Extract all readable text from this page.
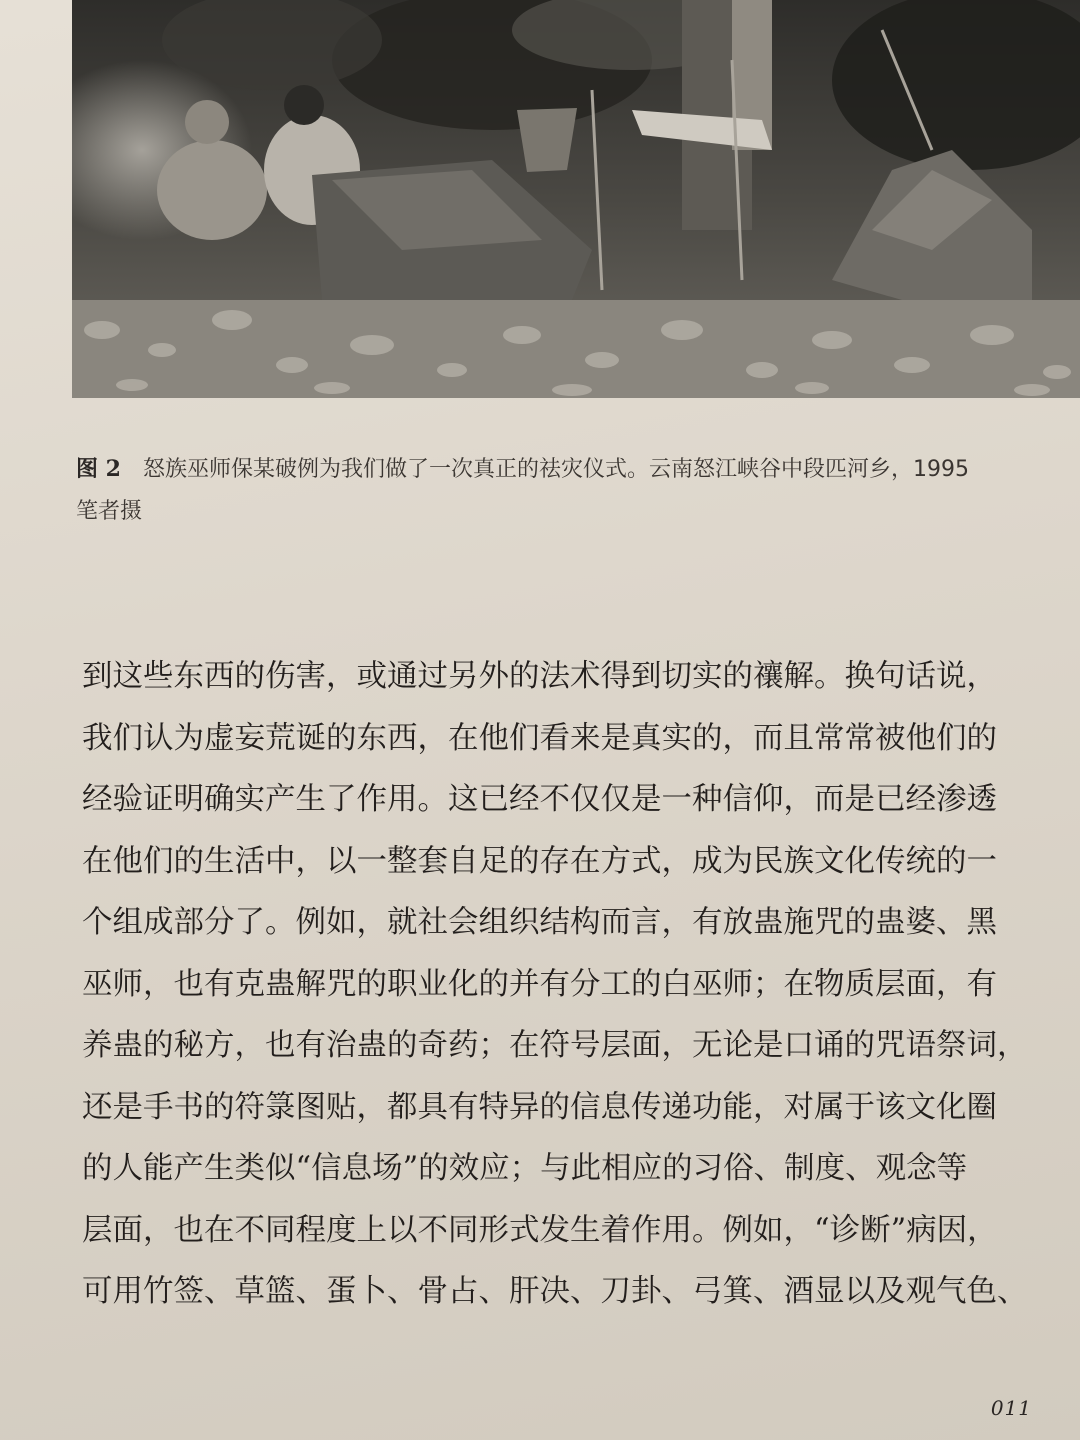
图 2 怒族巫师保某破例为我们做了一次真正的祛灾仪式。云南怒江峡谷中段匹河乡，1995
笔者摄
到这些东西的伤害，或通过另外的法术得到切实的禳解。换句话说，
我们认为虚妄荒诞的东西，在他们看来是真实的，而且常常被他们的
经验证明确实产生了作用。这已经不仅仅是一种信仰，而是已经渗透
在他们的生活中，以一整套自足的存在方式，成为民族文化传统的一
个组成部分了。例如，就社会组织结构而言，有放蛊施咒的蛊婆、黑
巫师，也有克蛊解咒的职业化的并有分工的白巫师；在物质层面，有
养蛊的秘方，也有治蛊的奇药；在符号层面，无论是口诵的咒语祭词，
还是手书的符箓图贴，都具有特异的信息传递功能，对属于该文化圈
的人能产生类似“信息场”的效应；与此相应的习俗、制度、观念等
层面，也在不同程度上以不同形式发生着作用。例如，“诊断”病因，
可用竹签、草篮、蛋卜、骨占、肝决、刀卦、弓箕、酒显以及观气色、
011
